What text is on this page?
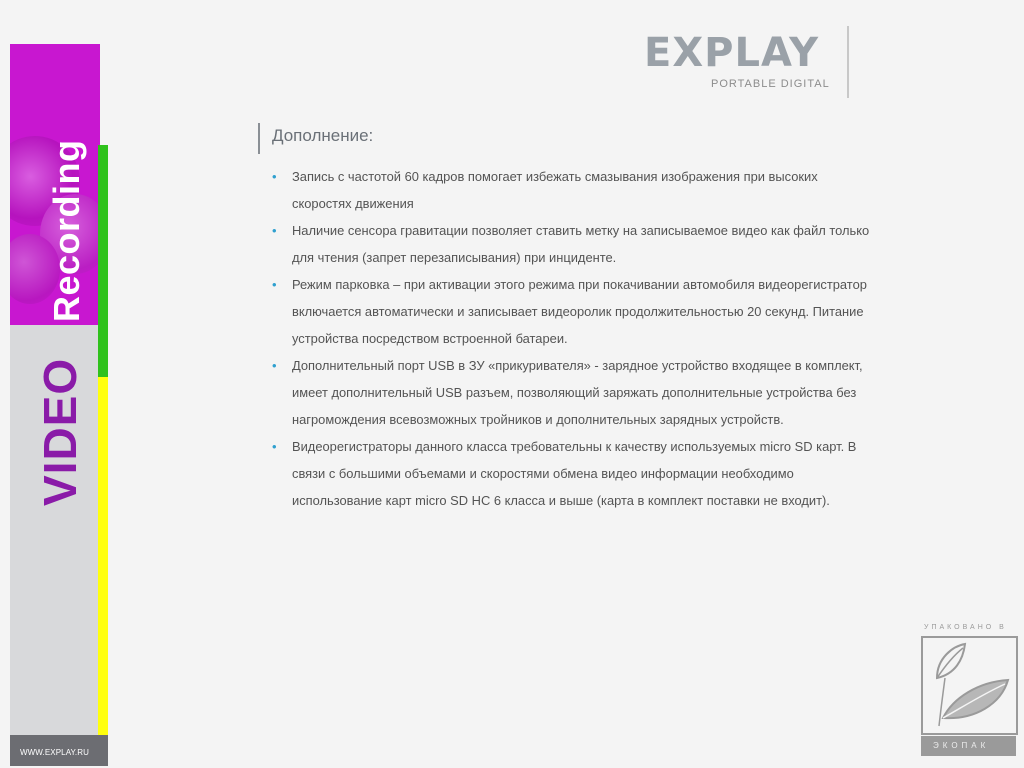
VIDEO
Recording
WWW.EXPLAY.RU
EXPLAY
PORTABLE DIGITAL
Дополнение:
• Запись с частотой 60 кадров помогает избежать смазывания изображения при высоких скоростях движения
• Наличие сенсора гравитации позволяет ставить метку на записываемое видео как файл только для чтения (запрет перезаписывания) при инциденте.
• Режим парковка – при активации этого режима при покачивании автомобиля видеорегистратор включается автоматически и записывает видеоролик продолжительностью 20 секунд. Питание устройства посредством встроенной батареи.
• Дополнительный порт USB в ЗУ «прикуривателя» - зарядное устройство входящее в комплект, имеет дополнительный USB разъем, позволяющий заряжать дополнительные устройства без нагромождения всевозможных тройников и дополнительных зарядных устройств.
• Видеорегистраторы данного класса требовательны к качеству используемых micro SD карт. В связи с большими объемами и скоростями обмена видео информации необходимо использование карт micro SD HC 6 класса и выше (карта в комплект поставки не входит).
УПАКОВАНО В
ЭКОПАК
